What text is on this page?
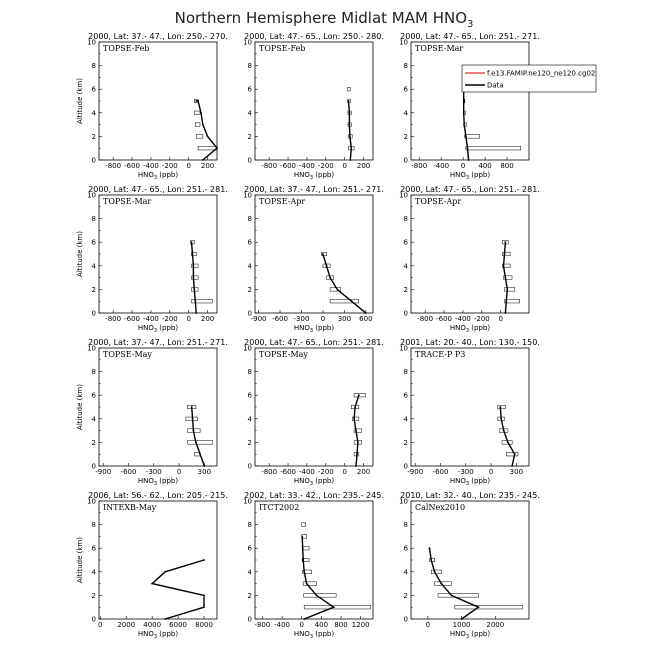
Northern Hemisphere Midlat MAM $HNO_3$
2000, Lat: 37.- 47., Lon: 250.- 270.
TOPSE-Feb
0
2
4
6
8
10
-800 -600 -400 -200 0 200
$HNO_3$ (ppb)
Altitude (km)
2000, Lat: 47.- 65., Lon: 250.- 280.
TOPSE-Feb
0
2
4
6
8
10
-800 -600 -400 -200 0 200
$HNO_3$ (ppb)
2000, Lat: 47.- 65., Lon: 251.- 271.
TOPSE-Mar
0
2
4
6
8
10
-800 -400 0 400 800
$HNO_3$ (ppb)
2000, Lat: 47.- 65., Lon: 251.- 281.
TOPSE-Mar
0
2
4
6
8
10
-800 -600 -400 -200 0 200
$HNO_3$ (ppb)
Altitude (km)
2000, Lat: 37.- 47., Lon: 251.- 271.
TOPSE-Apr
0
2
4
6
8
10
-900 -600 -300 0 300 600
$HNO_3$ (ppb)
2000, Lat: 47.- 65., Lon: 251.- 281.
TOPSE-Apr
0
2
4
6
8
10
-800 -600 -400 -200 0
$HNO_3$ (ppb)
2000, Lat: 37.- 47., Lon: 251.- 271.
TOPSE-May
0
2
4
6
8
10
-900 -600 -300 0 300
$HNO_3$ (ppb)
Altitude (km)
2000, Lat: 47.- 65., Lon: 251.- 281.
TOPSE-May
0
2
4
6
8
10
-800 -600 -400 -200 0 200
$HNO_3$ (ppb)
2001, Lat: 20.- 40., Lon: 130.- 150.
TRACE-P P3
0
2
4
6
8
10
-900 -600 -300 0 300
$HNO_3$ (ppb)
2006, Lat: 56.- 62., Lon: 205.- 215.
INTEXB-May
0
2
4
6
8
10
0 2000 4000 6000 8000
$HNO_3$ (ppb)
Altitude (km)
2002, Lat: 33.- 42., Lon: 235.- 245.
ITCT2002
0
2
4
6
8
10
-800 -400 0 400 800 1200
$HNO_3$ (ppb)
2010, Lat: 32.- 40., Lon: 235.- 245.
CalNex2010
0
2
4
6
8
10
0	1000 2000
$HNO_3$ (ppb)
f.e13.FAMIP.ne120_ne120.cg02
Data
